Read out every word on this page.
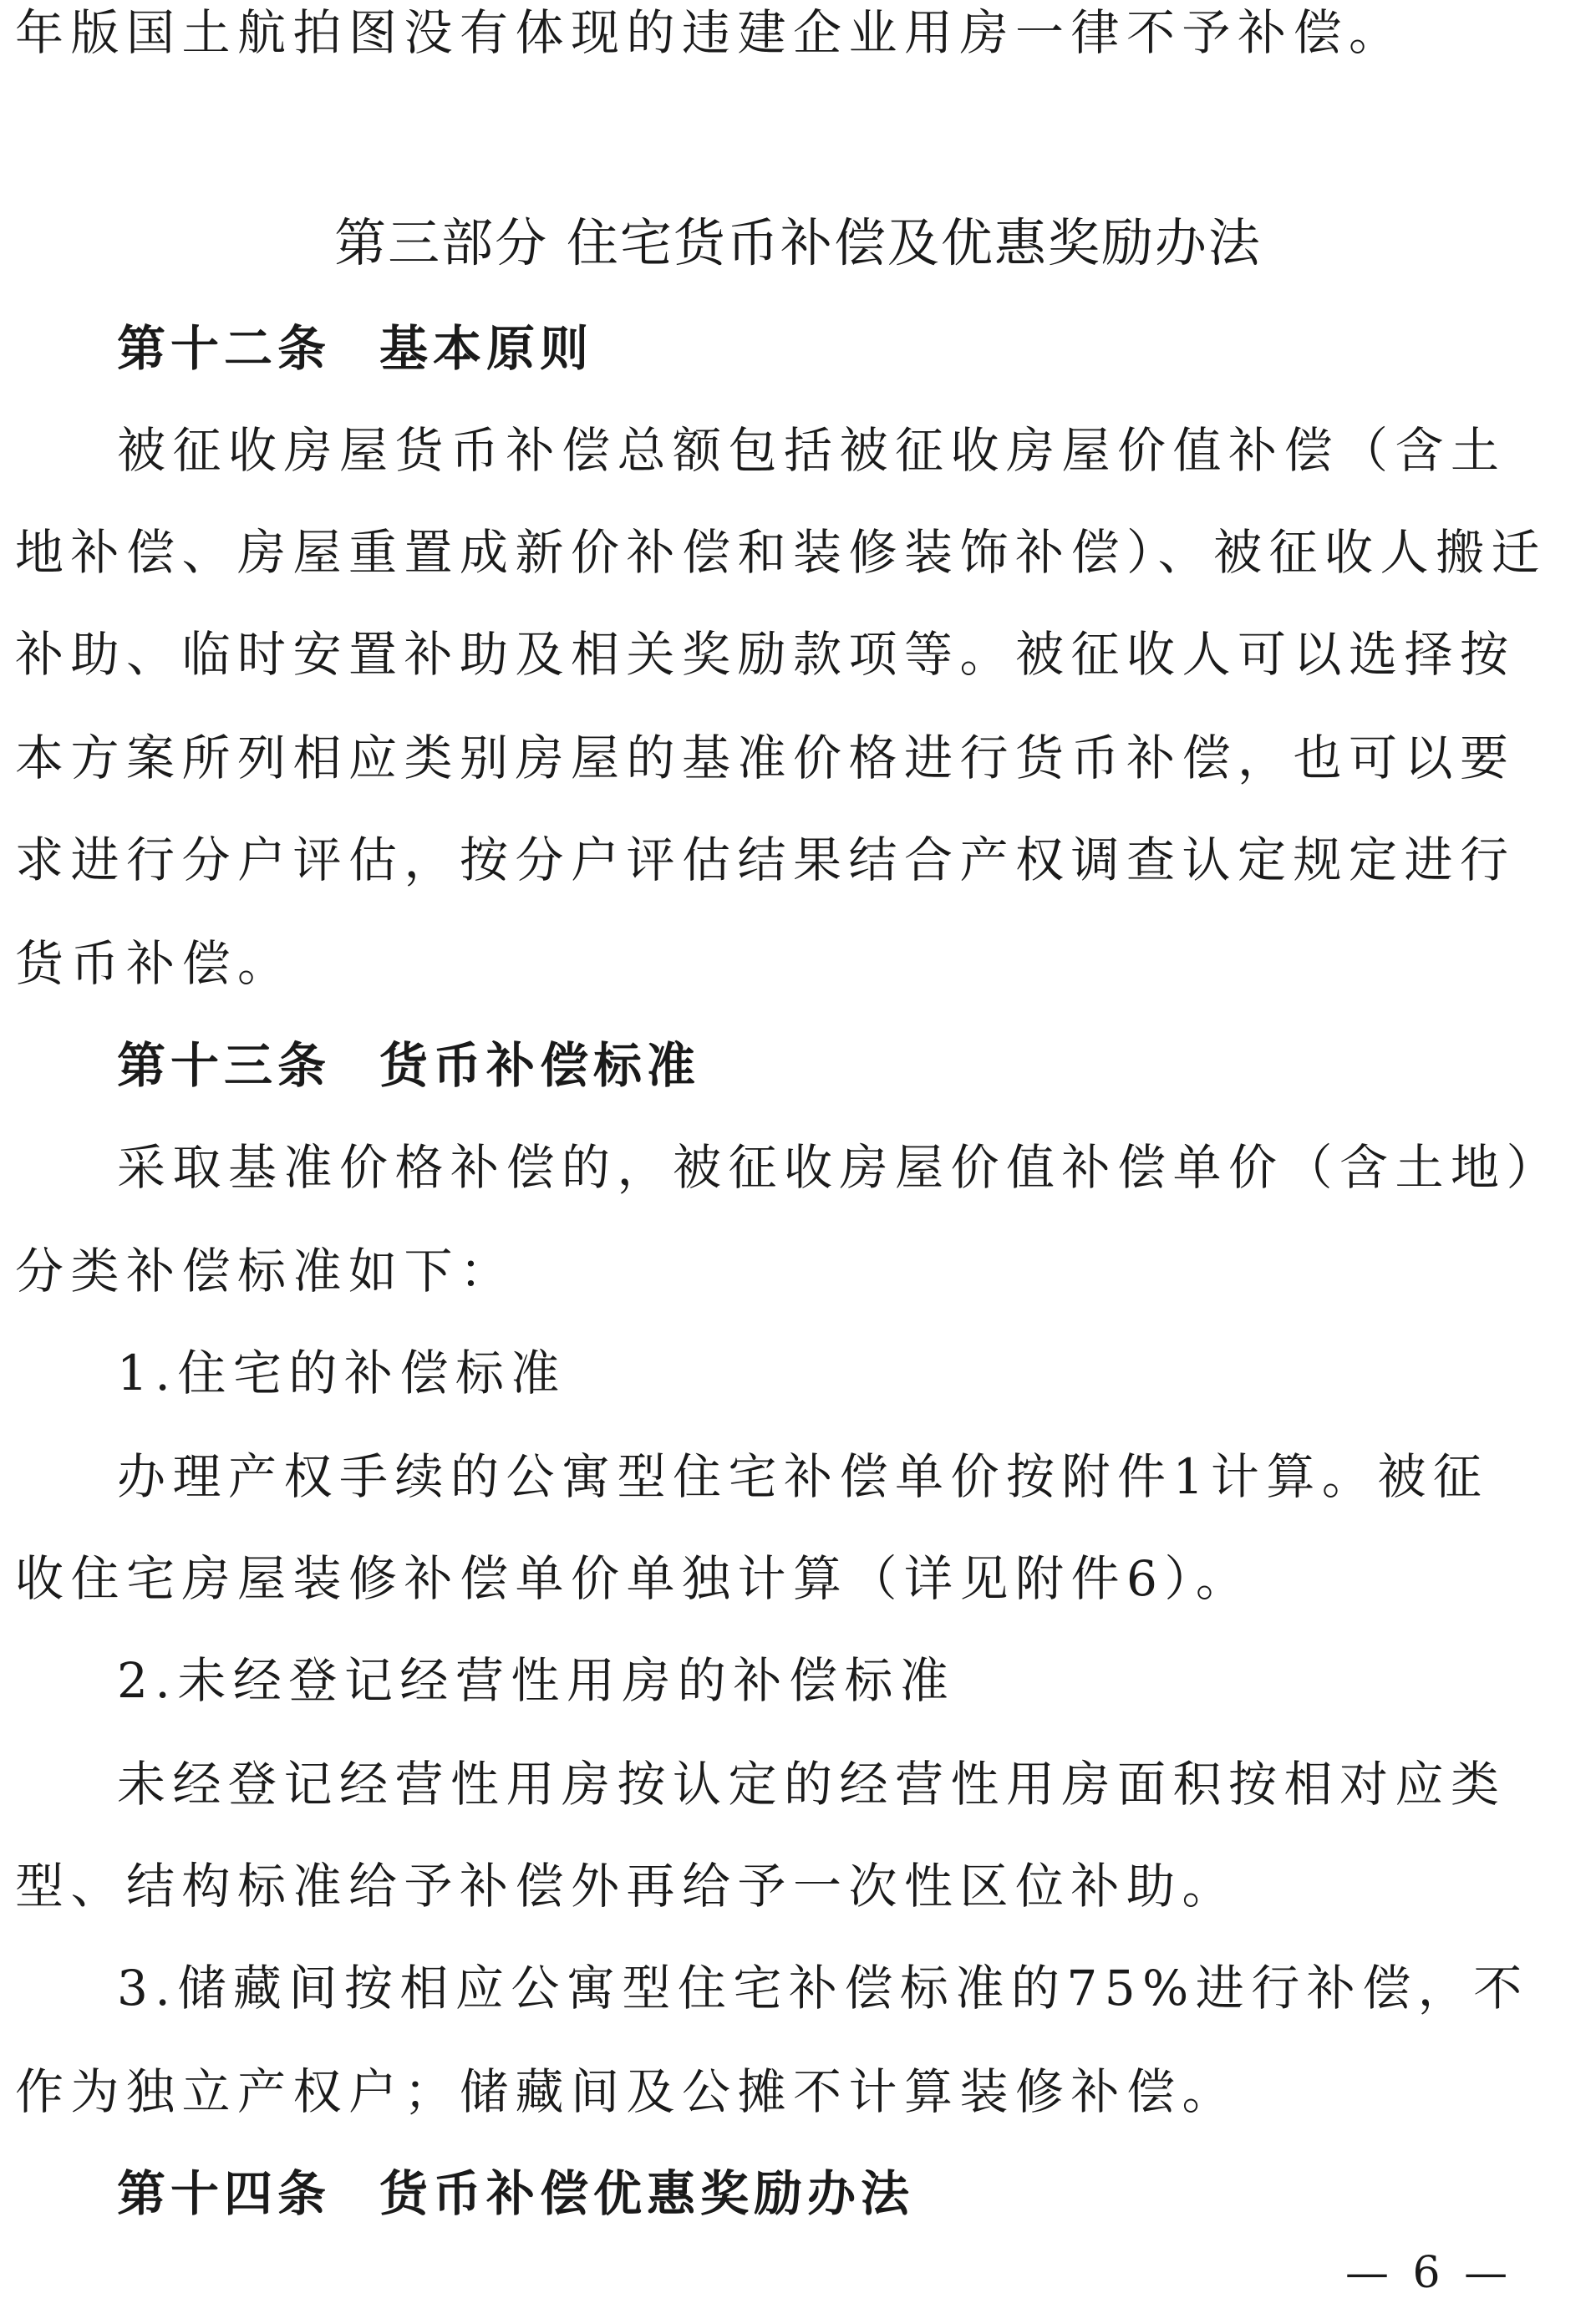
年版国土航拍图没有体现的违建企业用房一律不予补偿。
第三部分 住宅货币补偿及优惠奖励办法
第十二条 基本原则
被征收房屋货币补偿总额包括被征收房屋价值补偿（含土
地补偿、房屋重置成新价补偿和装修装饰补偿）、被征收人搬迁
补助、临时安置补助及相关奖励款项等。被征收人可以选择按
本方案所列相应类别房屋的基准价格进行货币补偿，也可以要
求进行分户评估，按分户评估结果结合产权调查认定规定进行
货币补偿。
第十三条 货币补偿标准
采取基准价格补偿的，被征收房屋价值补偿单价（含土地）
分类补偿标准如下：
1.住宅的补偿标准
办理产权手续的公寓型住宅补偿单价按附件1计算。被征
收住宅房屋装修补偿单价单独计算（详见附件6）。
2.未经登记经营性用房的补偿标准
未经登记经营性用房按认定的经营性用房面积按相对应类
型、结构标准给予补偿外再给予一次性区位补助。
3.储藏间按相应公寓型住宅补偿标准的75%进行补偿，不
作为独立产权户；储藏间及公摊不计算装修补偿。
第十四条 货币补偿优惠奖励办法
— 6 —
